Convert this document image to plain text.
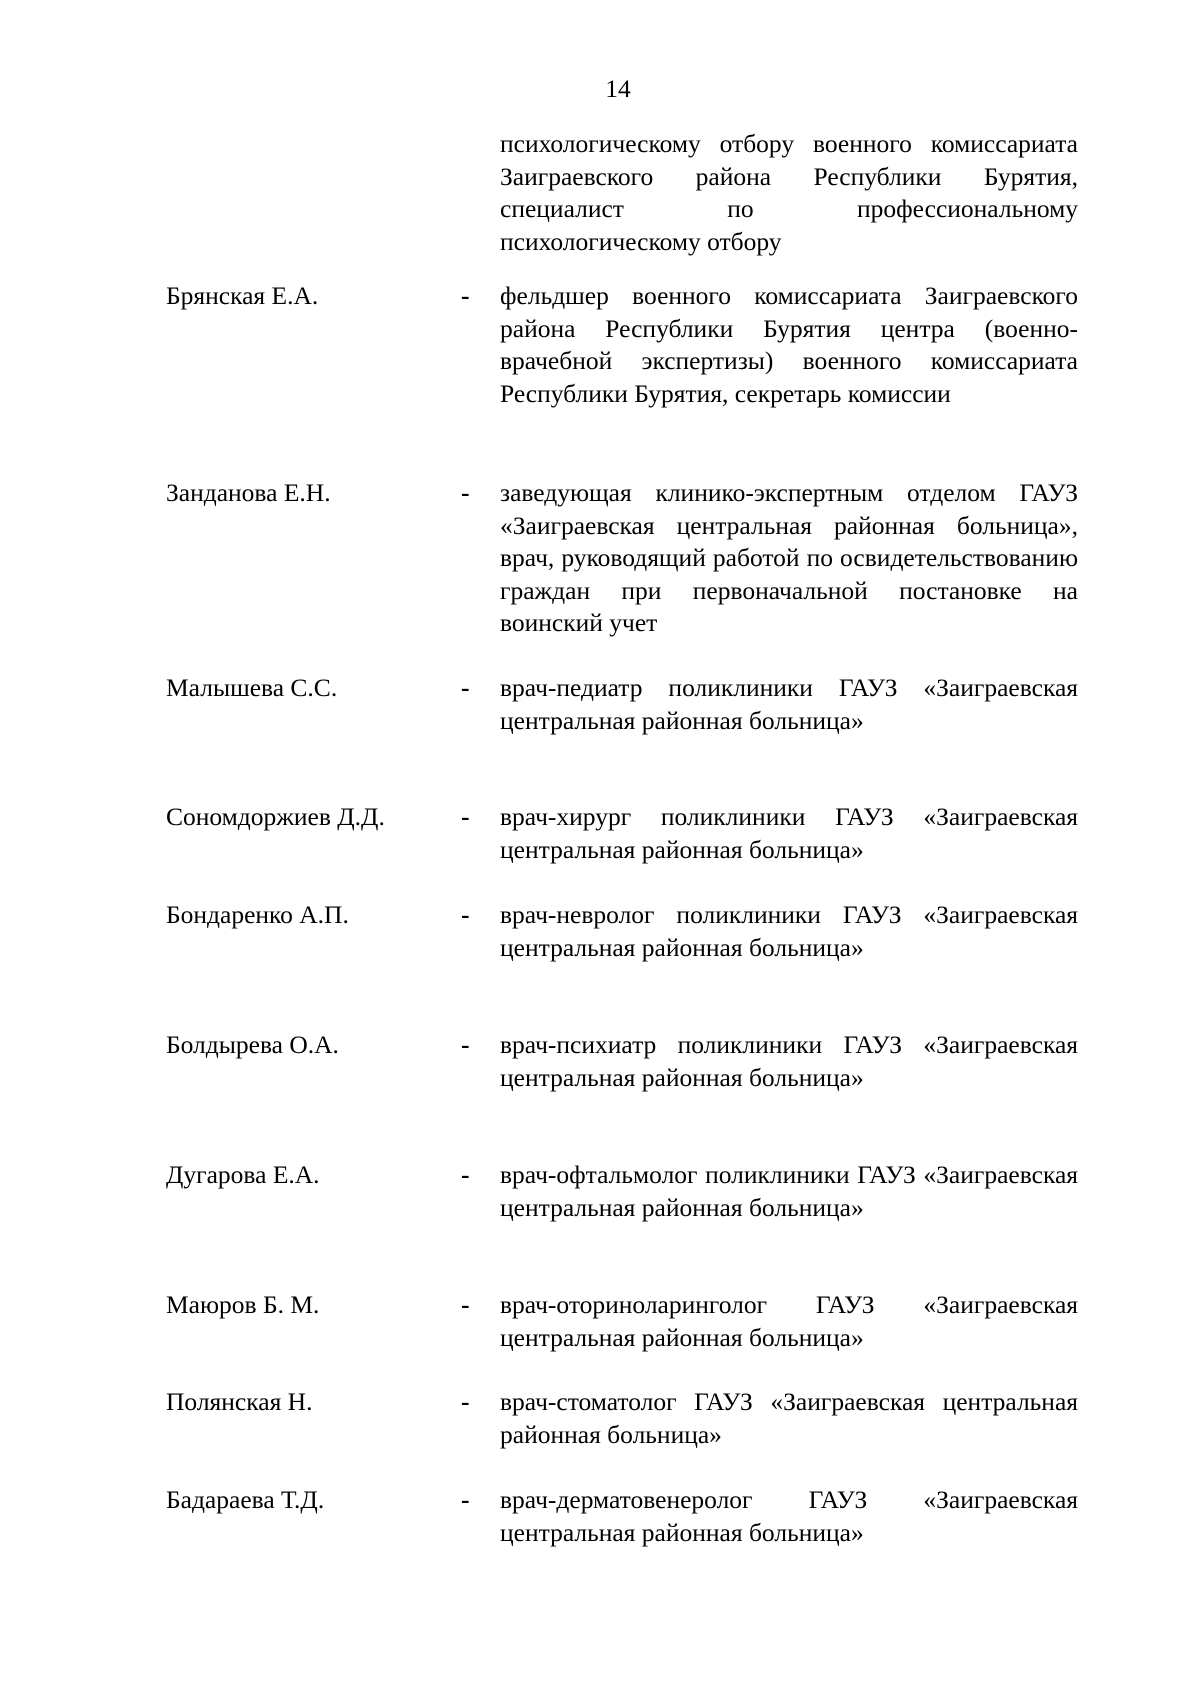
14
психологическому отбору военного комиссариата Заиграевского района Республики Бурятия, специалист по профессиональному психологическому отбору
Брянская Е.А.	- фельдшер военного комиссариата Заиграевского района Республики Бурятия центра (военно-врачебной экспертизы) военного комиссариата Республики Бурятия, секретарь комиссии
Занданова Е.Н.	- заведующая клинико-экспертным отделом ГАУЗ «Заиграевская центральная районная больница», врач, руководящий работой по освидетельствованию граждан при первоначальной постановке на воинский учет
Малышева С.С.	- врач-педиатр поликлиники ГАУЗ «Заиграевская центральная районная больница»
Сономдоржиев Д.Д.	- врач-хирург поликлиники ГАУЗ «Заиграевская центральная районная больница»
Бондаренко А.П.	- врач-невролог поликлиники ГАУЗ «Заиграевская центральная районная больница»
Болдырева О.А.	- врач-психиатр поликлиники ГАУЗ «Заиграевская центральная районная больница»
Дугарова Е.А.	- врач-офтальмолог поликлиники ГАУЗ «Заиграевская центральная районная больница»
Маюров Б. М.	- врач-оториноларинголог ГАУЗ «Заиграевская центральная районная больница»
Полянская Н.	- врач-стоматолог ГАУЗ «Заиграевская центральная районная больница»
Бадараева Т.Д.	- врач-дерматовенеролог ГАУЗ «Заиграевская центральная районная больница»
